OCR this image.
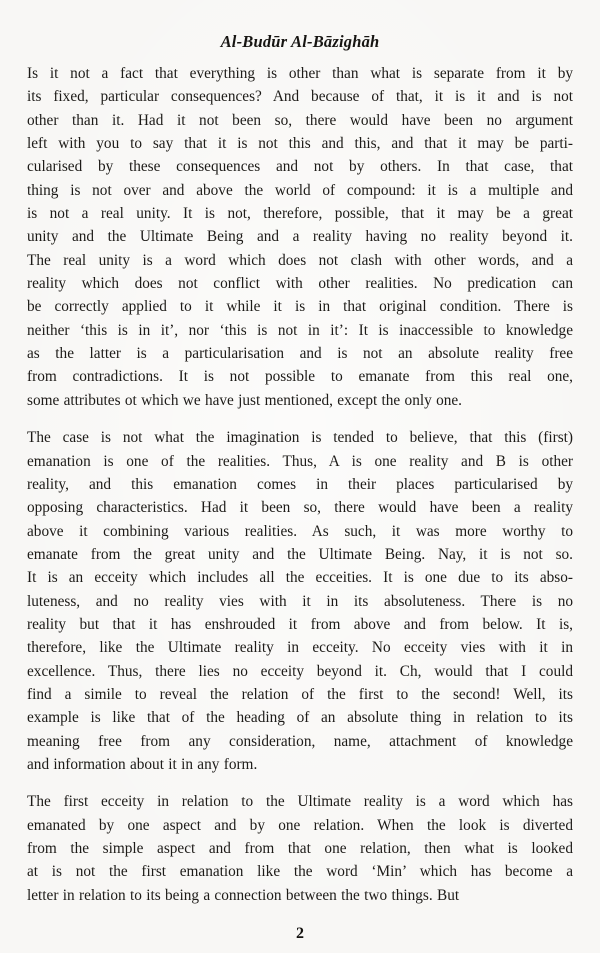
Al-Budūr Al-Bāzighāh
Is it not a fact that everything is other than what is separate from it by
its fixed, particular consequences? And because of that, it is it and is not
other than it. Had it not been so, there would have been no argument
left with you to say that it is not this and this, and that it may be parti-
cularised by these consequences and not by others. In that case, that
thing is not over and above the world of compound: it is a multiple and
is not a real unity. It is not, therefore, possible, that it may be a great
unity and the Ultimate Being and a reality having no reality beyond it.
The real unity is a word which does not clash with other words, and a
reality which does not conflict with other realities. No predication can
be correctly applied to it while it is in that original condition. There is
neither ‘this is in it’, nor ‘this is not in it’: It is inaccessible to knowledge
as the latter is a particularisation and is not an absolute reality free
from contradictions. It is not possible to emanate from this real one,
some attributes ot which we have just mentioned, except the only one.
The case is not what the imagination is tended to believe, that this (first)
emanation is one of the realities. Thus, A is one reality and B is other
reality, and this emanation comes in their places particularised by
opposing characteristics. Had it been so, there would have been a reality
above it combining various realities. As such, it was more worthy to
emanate from the great unity and the Ultimate Being. Nay, it is not so.
It is an ecceity which includes all the ecceities. It is one due to its abso-
luteness, and no reality vies with it in its absoluteness. There is no
reality but that it has enshrouded it from above and from below. It is,
therefore, like the Ultimate reality in ecceity. No ecceity vies with it in
excellence. Thus, there lies no ecceity beyond it. Ch, would that I could
find a simile to reveal the relation of the first to the second! Well, its
example is like that of the heading of an absolute thing in relation to its
meaning free from any consideration, name, attachment of knowledge
and information about it in any form.
The first ecceity in relation to the Ultimate reality is a word which has
emanated by one aspect and by one relation. When the look is diverted
from the simple aspect and from that one relation, then what is looked
at is not the first emanation like the word ‘Min’ which has become a
letter in relation to its being a connection between the two things. But
2
